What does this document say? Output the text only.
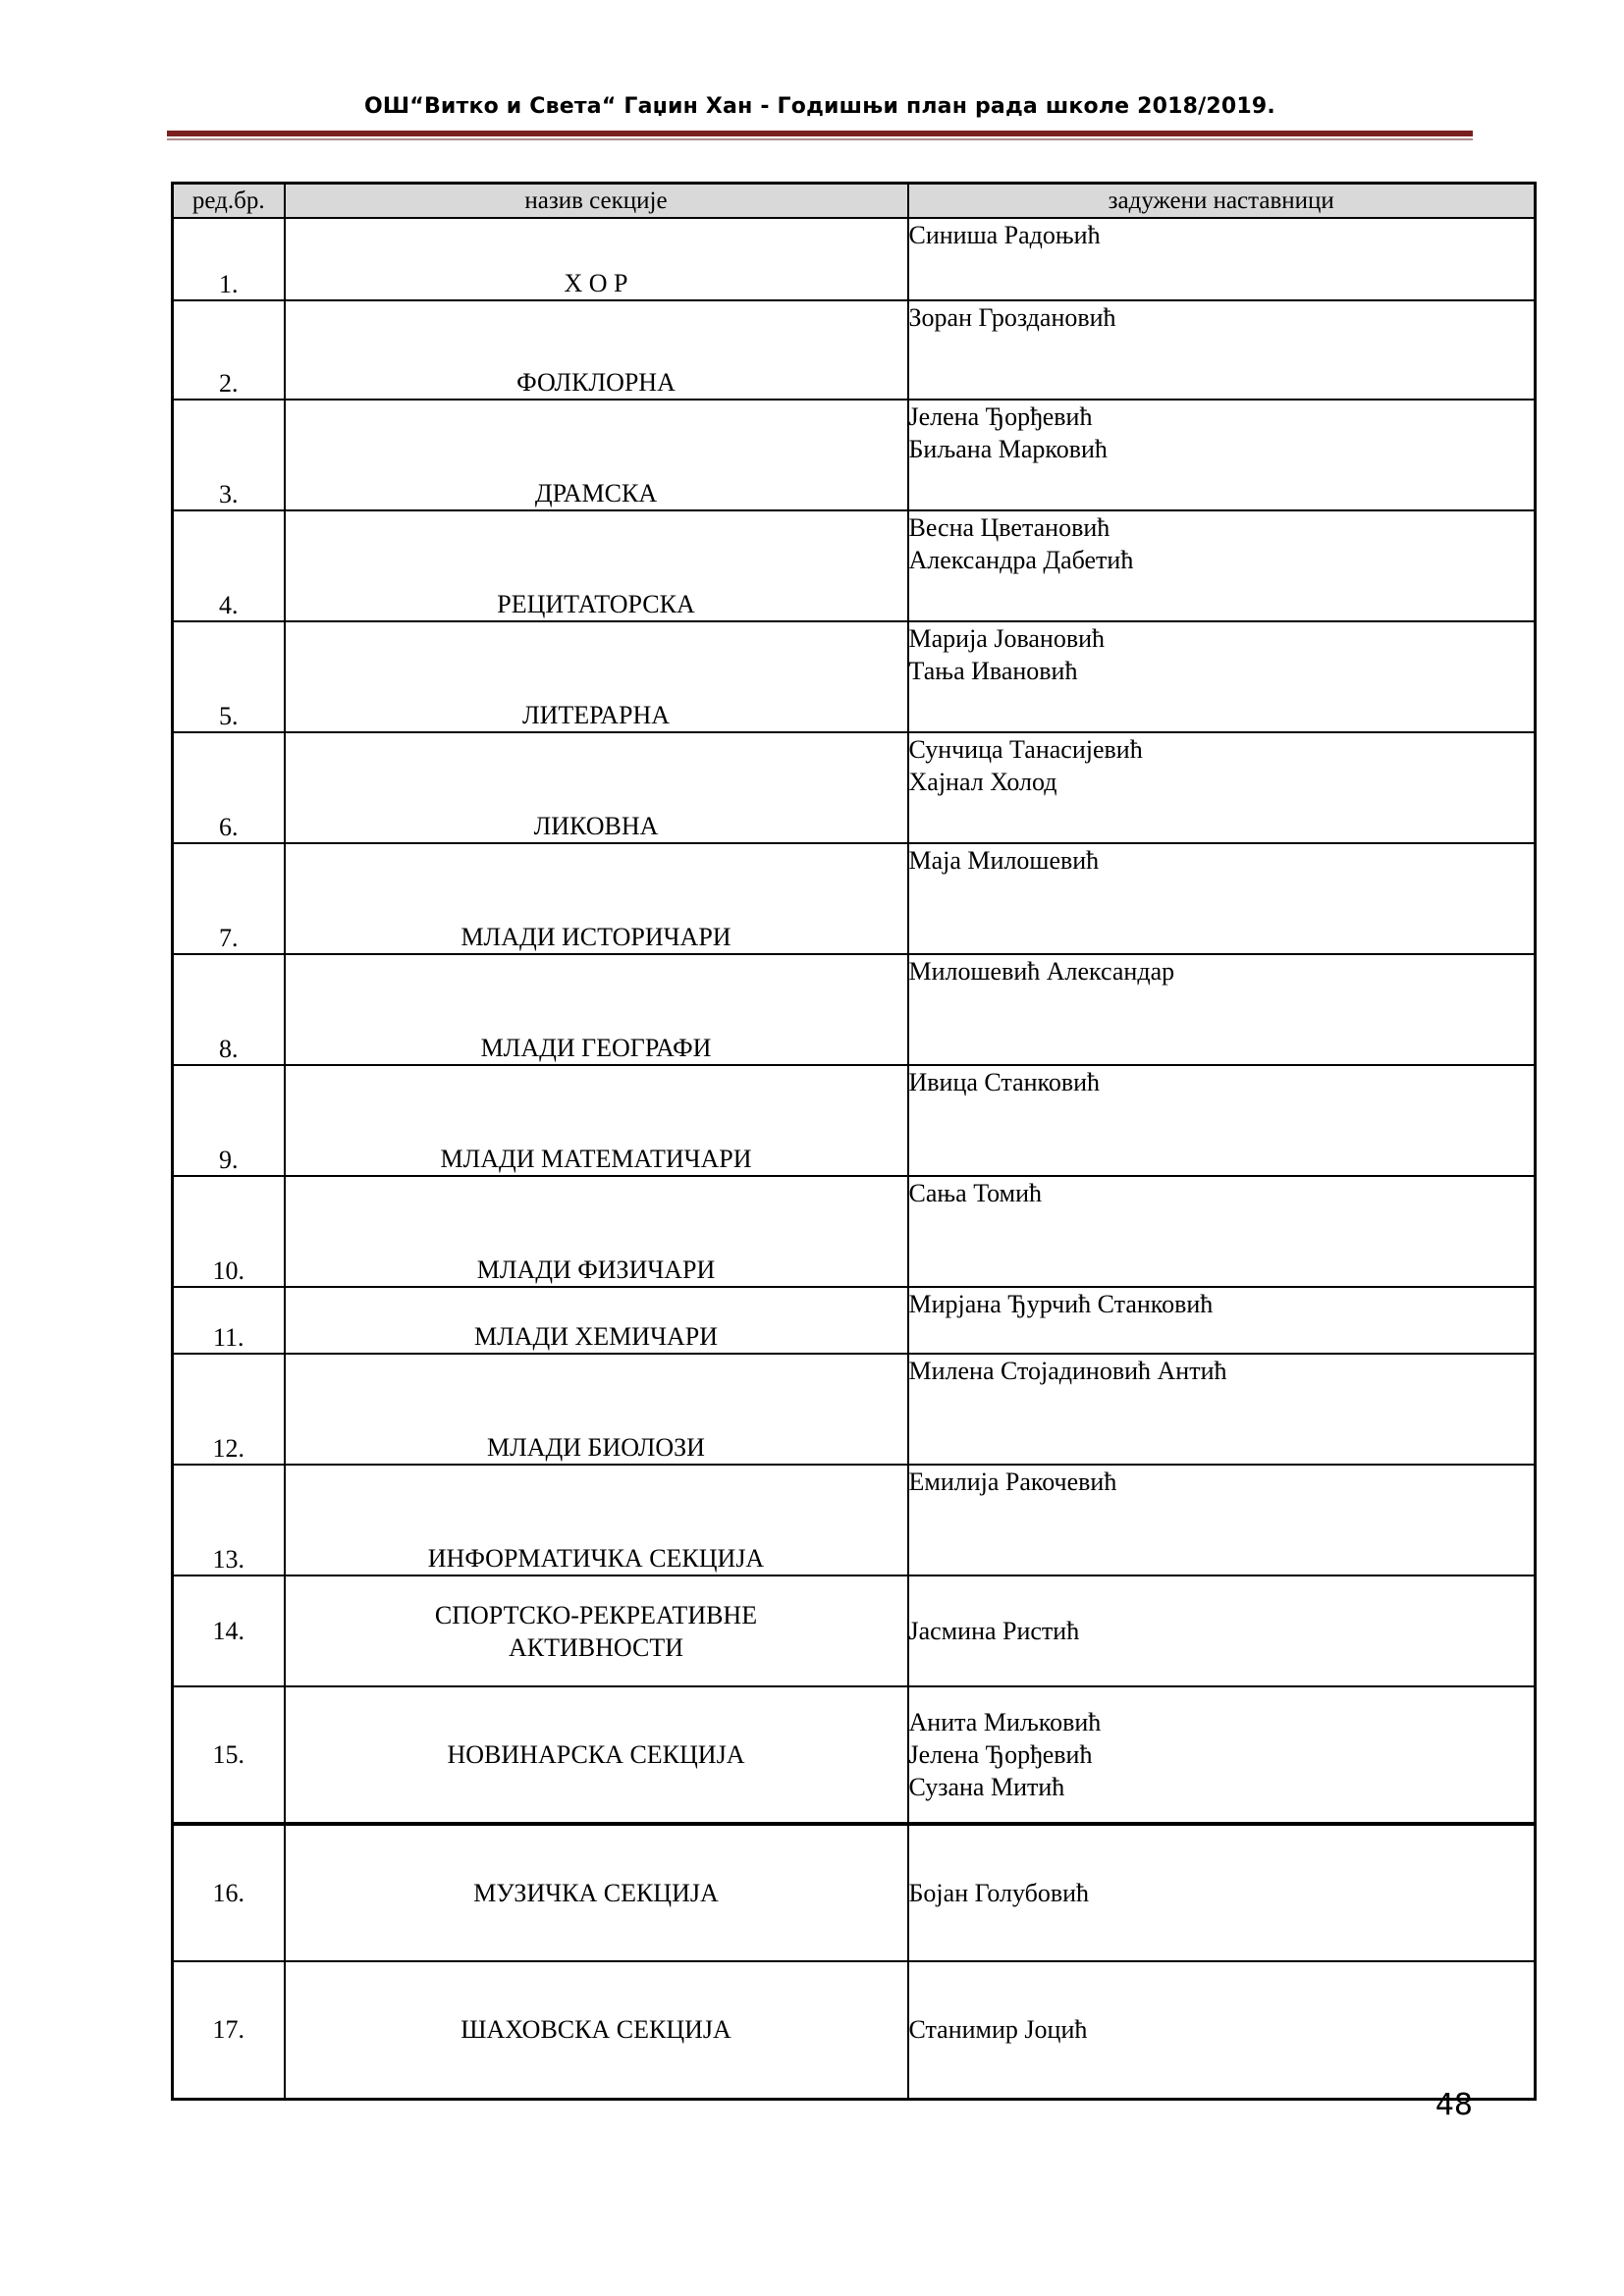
ОШ“Витко и Света“ Гаџин Хан - Годишњи план рада школе 2018/2019.
ред.бр.	назив секције	задужени наставници
1.	Х О Р	Синиша Радоњић

2.	ФОЛКЛОРНА	Зоран Гроздановић

3.	ДРАМСКА	Јелена Ђорђевић
Биљана Марковић

4.	РЕЦИТАТОРСКА	Весна Цветановић
Александра Дабетић

5.	ЛИТЕРАРНА	Марија Јовановић
Тања Ивановић

6.	ЛИКОВНА	Сунчица Танасијевић
Хајнал Холод

7.	МЛАДИ ИСТОРИЧАРИ	Маја Милошевић

8.	МЛАДИ ГЕОГРАФИ	Милошевић Александар

9.	МЛАДИ МАТЕМАТИЧАРИ	Ивица Станковић

10.	МЛАДИ ФИЗИЧАРИ	Сања Томић

11.	МЛАДИ ХЕМИЧАРИ	Мирјана Ђурчић Станковић

12.	МЛАДИ БИОЛОЗИ	Милена Стојадиновић Антић

13.	ИНФОРМАТИЧКА СЕКЦИЈА	Емилија Ракочевић

14.	СПОРТСКО-РЕКРЕАТИВНЕ
АКТИВНОСТИ	Јасмина Ристић

15.	НОВИНАРСКА СЕКЦИЈА	Анита Миљковић
Јелена Ђорђевић
Сузана Митић

16.	МУЗИЧКА СЕКЦИЈА	Бојан Голубовић

17.	ШАХОВСКА СЕКЦИЈА	Станимир Јоцић
48
